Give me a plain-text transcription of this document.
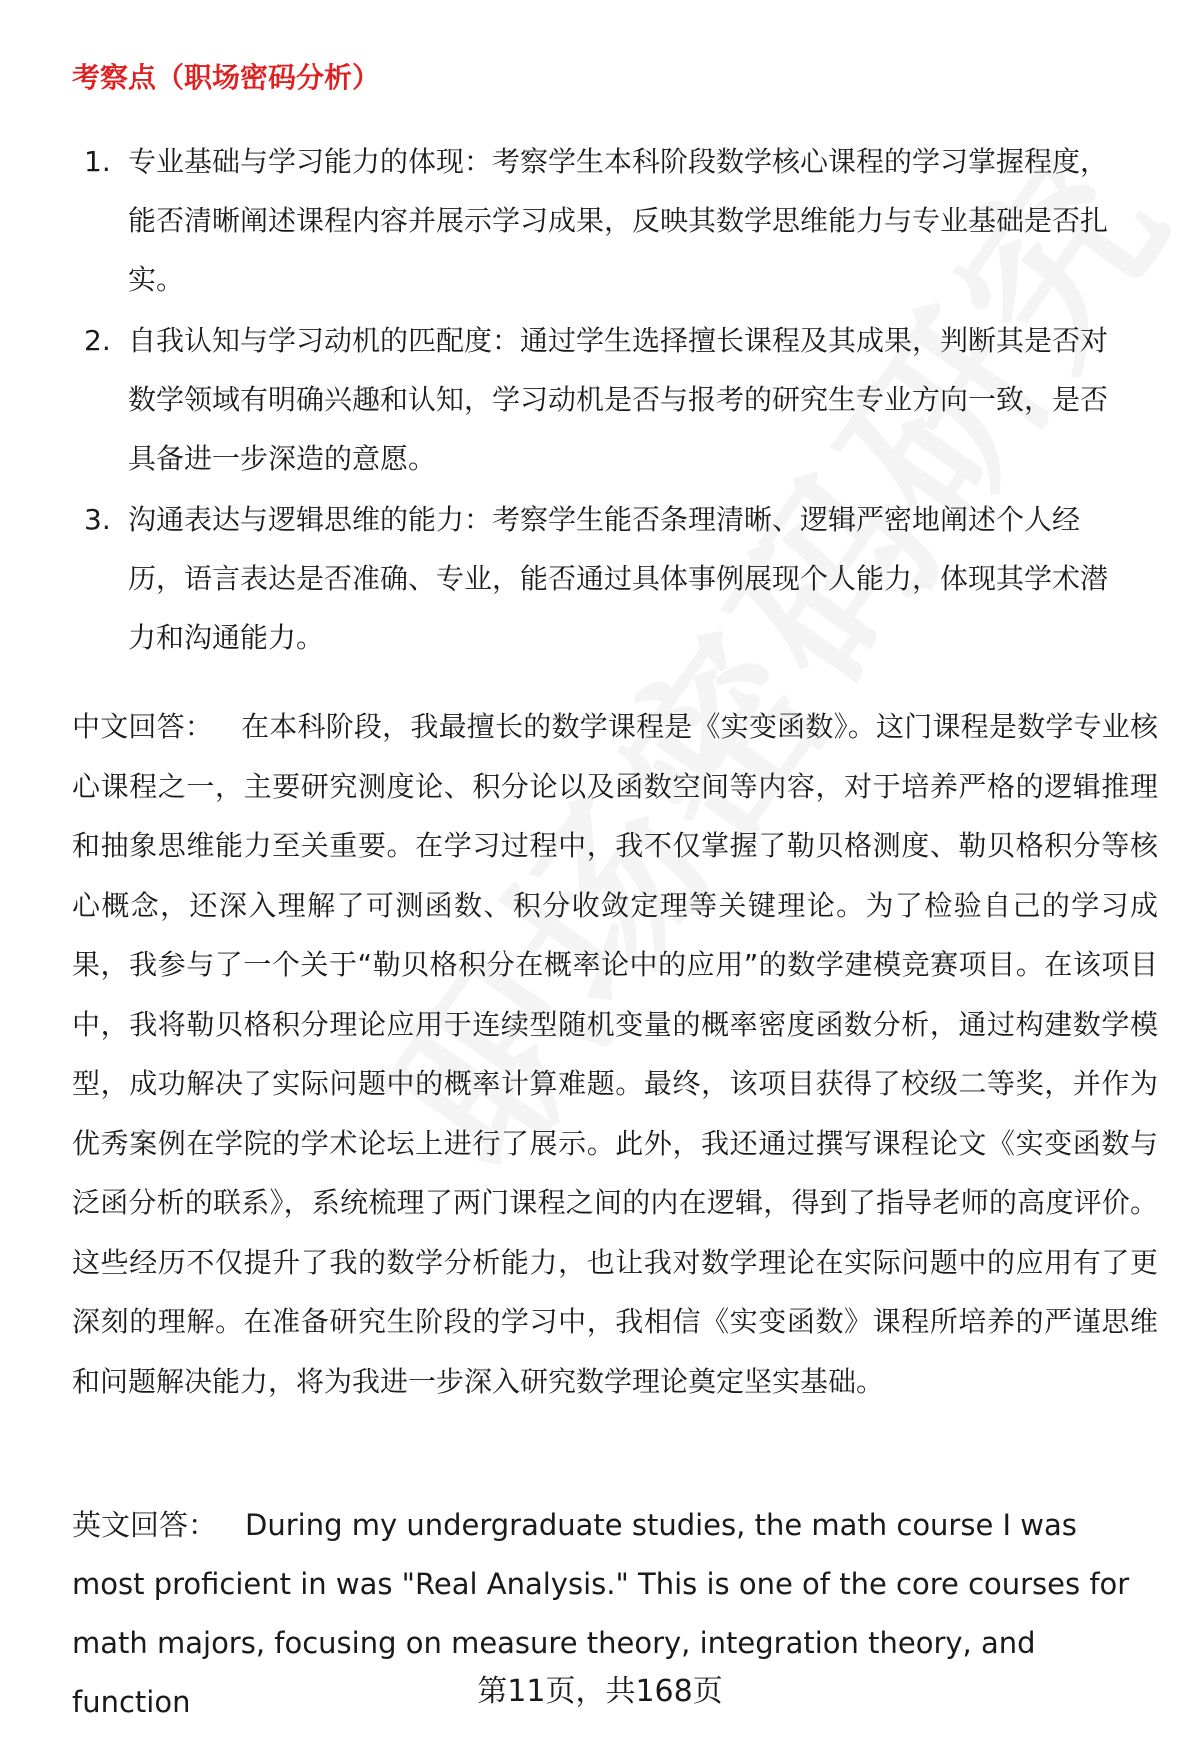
考察点（职场密码分析）
1. 专业基础与学习能力的体现：考察学生本科阶段数学核心课程的学习掌握程度，能否清晰阐述课程内容并展示学习成果，反映其数学思维能力与专业基础是否扎实。
2. 自我认知与学习动机的匹配度：通过学生选择擅长课程及其成果，判断其是否对数学领域有明确兴趣和认知，学习动机是否与报考的研究生专业方向一致，是否具备进一步深造的意愿。
3. 沟通表达与逻辑思维的能力：考察学生能否条理清晰、逻辑严密地阐述个人经历，语言表达是否准确、专业，能否通过具体事例展现个人能力，体现其学术潜力和沟通能力。

中文回答： 在本科阶段，我最擅长的数学课程是《实变函数》。这门课程是数学专业核心课程之一，主要研究测度论、积分论以及函数空间等内容，对于培养严格的逻辑推理和抽象思维能力至关重要。在学习过程中，我不仅掌握了勒贝格测度、勒贝格积分等核心概念，还深入理解了可测函数、积分收敛定理等关键理论。为了检验自己的学习成果，我参与了一个关于“勒贝格积分在概率论中的应用”的数学建模竞赛项目。在该项目中，我将勒贝格积分理论应用于连续型随机变量的概率密度函数分析，通过构建数学模型，成功解决了实际问题中的概率计算难题。最终，该项目获得了校级二等奖，并作为优秀案例在学院的学术论坛上进行了展示。此外，我还通过撰写课程论文《实变函数与泛函分析的联系》，系统梳理了两门课程之间的内在逻辑，得到了指导老师的高度评价。这些经历不仅提升了我的数学分析能力，也让我对数学理论在实际问题中的应用有了更深刻的理解。在准备研究生阶段的学习中，我相信《实变函数》课程所培养的严谨思维和问题解决能力，将为我进一步深入研究数学理论奠定坚实基础。

英文回答： During my undergraduate studies, the math course I was most proficient in was "Real Analysis." This is one of the core courses for math majors, focusing on measure theory, integration theory, and function	第11页，共168页
